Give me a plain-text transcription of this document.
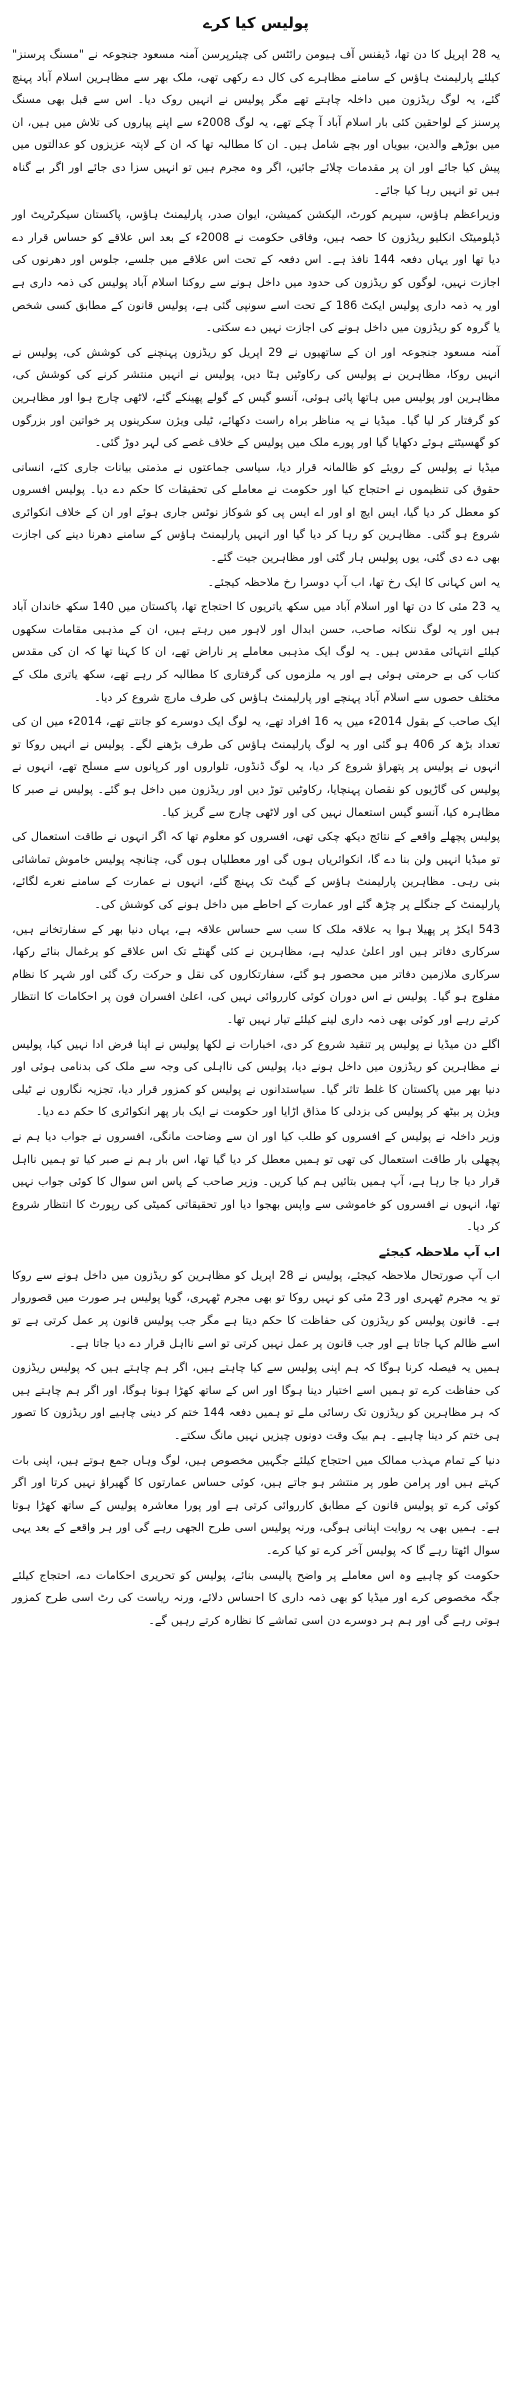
پولیس کیا کرے

یہ 28 اپریل کا دن تھا، ڈیفنس آف ہیومن رائٹس کی چیئرپرسن آمنہ مسعود جنجوعہ نے "مسنگ پرسنز" کیلئے پارلیمنٹ ہاؤس کے سامنے مظاہرے کی کال دے رکھی تھی، ملک بھر سے مظاہرین اسلام آباد پہنچ گئے، یہ لوگ ریڈزون میں داخلہ چاہتے تھے مگر پولیس نے انہیں روک دیا۔ اس سے قبل بھی مسنگ پرسنز کے لواحقین کئی بار اسلام آباد آ چکے تھے، یہ لوگ 2008ء سے اپنے پیاروں کی تلاش میں ہیں، ان میں بوڑھے والدین، بیویاں اور بچے شامل ہیں۔ ان کا مطالبہ تھا کہ ان کے لاپتہ عزیزوں کو عدالتوں میں پیش کیا جائے اور ان پر مقدمات چلائے جائیں، اگر وہ مجرم ہیں تو انہیں سزا دی جائے اور اگر بے گناہ ہیں تو انہیں رہا کیا جائے۔

وزیراعظم ہاؤس، سپریم کورٹ، الیکشن کمیشن، ایوان صدر، پارلیمنٹ ہاؤس، پاکستان سیکرٹریٹ اور ڈپلومیٹک انکلیو ریڈزون کا حصہ ہیں، وفاقی حکومت نے 2008ء کے بعد اس علاقے کو حساس قرار دے دیا تھا اور یہاں دفعہ 144 نافذ ہے۔ اس دفعہ کے تحت اس علاقے میں جلسے، جلوس اور دھرنوں کی اجازت نہیں، لوگوں کو ریڈزون کی حدود میں داخل ہونے سے روکنا اسلام آباد پولیس کی ذمہ داری ہے اور یہ ذمہ داری پولیس ایکٹ 186 کے تحت اسے سونپی گئی ہے، پولیس قانون کے مطابق کسی شخص یا گروہ کو ریڈزون میں داخل ہونے کی اجازت نہیں دے سکتی۔

آمنہ مسعود جنجوعہ اور ان کے ساتھیوں نے 29 اپریل کو ریڈزون پہنچنے کی کوشش کی، پولیس نے انہیں روکا، مظاہرین نے پولیس کی رکاوٹیں ہٹا دیں، پولیس نے انہیں منتشر کرنے کی کوشش کی، مظاہرین اور پولیس میں ہاتھا پائی ہوئی، آنسو گیس کے گولے پھینکے گئے، لاٹھی چارج ہوا اور مظاہرین کو گرفتار کر لیا گیا۔ میڈیا نے یہ مناظر براہ راست دکھائے، ٹیلی ویژن سکرینوں پر خواتین اور بزرگوں کو گھسیٹتے ہوئے دکھایا گیا اور پورے ملک میں پولیس کے خلاف غصے کی لہر دوڑ گئی۔

میڈیا نے پولیس کے رویئے کو ظالمانہ قرار دیا، سیاسی جماعتوں نے مذمتی بیانات جاری کئے، انسانی حقوق کی تنظیموں نے احتجاج کیا اور حکومت نے معاملے کی تحقیقات کا حکم دے دیا۔ پولیس افسروں کو معطل کر دیا گیا، ایس ایچ او اور اے ایس پی کو شوکاز نوٹس جاری ہوئے اور ان کے خلاف انکوائری شروع ہو گئی۔ مظاہرین کو رہا کر دیا گیا اور انہیں پارلیمنٹ ہاؤس کے سامنے دھرنا دینے کی اجازت بھی دے دی گئی، یوں پولیس ہار گئی اور مظاہرین جیت گئے۔

یہ اس کہانی کا ایک رخ تھا، اب آپ دوسرا رخ ملاحظہ کیجئے۔

یہ 23 مئی کا دن تھا اور اسلام آباد میں سکھ یاتریوں کا احتجاج تھا، پاکستان میں 140 سکھ خاندان آباد ہیں اور یہ لوگ ننکانہ صاحب، حسن ابدال اور لاہور میں رہتے ہیں، ان کے مذہبی مقامات سکھوں کیلئے انتہائی مقدس ہیں۔ یہ لوگ ایک مذہبی معاملے پر ناراض تھے، ان کا کہنا تھا کہ ان کی مقدس کتاب کی بے حرمتی ہوئی ہے اور یہ ملزموں کی گرفتاری کا مطالبہ کر رہے تھے، سکھ یاتری ملک کے مختلف حصوں سے اسلام آباد پہنچے اور پارلیمنٹ ہاؤس کی طرف مارچ شروع کر دیا۔

ایک صاحب کے بقول 2014ء میں یہ 16 افراد تھے، یہ لوگ ایک دوسرے کو جانتے تھے، 2014ء میں ان کی تعداد بڑھ کر 406 ہو گئی اور یہ لوگ پارلیمنٹ ہاؤس کی طرف بڑھنے لگے۔ پولیس نے انہیں روکا تو انہوں نے پولیس پر پتھراؤ شروع کر دیا، یہ لوگ ڈنڈوں، تلواروں اور کرپانوں سے مسلح تھے، انہوں نے پولیس کی گاڑیوں کو نقصان پہنچایا، رکاوٹیں توڑ دیں اور ریڈزون میں داخل ہو گئے۔ پولیس نے صبر کا مظاہرہ کیا، آنسو گیس استعمال نہیں کی اور لاٹھی چارج سے گریز کیا۔

پولیس پچھلے واقعے کے نتائج دیکھ چکی تھی، افسروں کو معلوم تھا کہ اگر انہوں نے طاقت استعمال کی تو میڈیا انہیں ولن بنا دے گا، انکوائریاں ہوں گی اور معطلیاں ہوں گی، چنانچہ پولیس خاموش تماشائی بنی رہی۔ مظاہرین پارلیمنٹ ہاؤس کے گیٹ تک پہنچ گئے، انہوں نے عمارت کے سامنے نعرے لگائے، پارلیمنٹ کے جنگلے پر چڑھ گئے اور عمارت کے احاطے میں داخل ہونے کی کوشش کی۔

543 ایکڑ پر پھیلا ہوا یہ علاقہ ملک کا سب سے حساس علاقہ ہے، یہاں دنیا بھر کے سفارتخانے ہیں، سرکاری دفاتر ہیں اور اعلیٰ عدلیہ ہے، مظاہرین نے کئی گھنٹے تک اس علاقے کو یرغمال بنائے رکھا، سرکاری ملازمین دفاتر میں محصور ہو گئے، سفارتکاروں کی نقل و حرکت رک گئی اور شہر کا نظام مفلوج ہو گیا۔ پولیس نے اس دوران کوئی کارروائی نہیں کی، اعلیٰ افسران فون پر احکامات کا انتظار کرتے رہے اور کوئی بھی ذمہ داری لینے کیلئے تیار نہیں تھا۔

اگلے دن میڈیا نے پولیس پر تنقید شروع کر دی، اخبارات نے لکھا پولیس نے اپنا فرض ادا نہیں کیا، پولیس نے مظاہرین کو ریڈزون میں داخل ہونے دیا، پولیس کی نااہلی کی وجہ سے ملک کی بدنامی ہوئی اور دنیا بھر میں پاکستان کا غلط تاثر گیا۔ سیاستدانوں نے پولیس کو کمزور قرار دیا، تجزیہ نگاروں نے ٹیلی ویژن پر بیٹھ کر پولیس کی بزدلی کا مذاق اڑایا اور حکومت نے ایک بار پھر انکوائری کا حکم دے دیا۔

وزیر داخلہ نے پولیس کے افسروں کو طلب کیا اور ان سے وضاحت مانگی، افسروں نے جواب دیا ہم نے پچھلی بار طاقت استعمال کی تھی تو ہمیں معطل کر دیا گیا تھا، اس بار ہم نے صبر کیا تو ہمیں نااہل قرار دیا جا رہا ہے، آپ ہمیں بتائیں ہم کیا کریں۔ وزیر صاحب کے پاس اس سوال کا کوئی جواب نہیں تھا، انہوں نے افسروں کو خاموشی سے واپس بھجوا دیا اور تحقیقاتی کمیٹی کی رپورٹ کا انتظار شروع کر دیا۔

اب آپ ملاحظہ کیجئے

اب آپ صورتحال ملاحظہ کیجئے، پولیس نے 28 اپریل کو مظاہرین کو ریڈزون میں داخل ہونے سے روکا تو یہ مجرم ٹھہری اور 23 مئی کو نہیں روکا تو بھی مجرم ٹھہری، گویا پولیس ہر صورت میں قصوروار ہے۔ قانون پولیس کو ریڈزون کی حفاظت کا حکم دیتا ہے مگر جب پولیس قانون پر عمل کرتی ہے تو اسے ظالم کہا جاتا ہے اور جب قانون پر عمل نہیں کرتی تو اسے نااہل قرار دے دیا جاتا ہے۔

ہمیں یہ فیصلہ کرنا ہوگا کہ ہم اپنی پولیس سے کیا چاہتے ہیں، اگر ہم چاہتے ہیں کہ پولیس ریڈزون کی حفاظت کرے تو ہمیں اسے اختیار دینا ہوگا اور اس کے ساتھ کھڑا ہونا ہوگا، اور اگر ہم چاہتے ہیں کہ ہر مظاہرین کو ریڈزون تک رسائی ملے تو ہمیں دفعہ 144 ختم کر دینی چاہیے اور ریڈزون کا تصور ہی ختم کر دینا چاہیے۔ ہم بیک وقت دونوں چیزیں نہیں مانگ سکتے۔

دنیا کے تمام مہذب ممالک میں احتجاج کیلئے جگہیں مخصوص ہیں، لوگ وہاں جمع ہوتے ہیں، اپنی بات کہتے ہیں اور پرامن طور پر منتشر ہو جاتے ہیں، کوئی حساس عمارتوں کا گھیراؤ نہیں کرتا اور اگر کوئی کرے تو پولیس قانون کے مطابق کارروائی کرتی ہے اور پورا معاشرہ پولیس کے ساتھ کھڑا ہوتا ہے۔ ہمیں بھی یہ روایت اپنانی ہوگی، ورنہ پولیس اسی طرح الجھی رہے گی اور ہر واقعے کے بعد یہی سوال اٹھتا رہے گا کہ پولیس آخر کرے تو کیا کرے۔

حکومت کو چاہیے وہ اس معاملے پر واضح پالیسی بنائے، پولیس کو تحریری احکامات دے، احتجاج کیلئے جگہ مخصوص کرے اور میڈیا کو بھی ذمہ داری کا احساس دلائے، ورنہ ریاست کی رٹ اسی طرح کمزور ہوتی رہے گی اور ہم ہر دوسرے دن اسی تماشے کا نظارہ کرتے رہیں گے۔
